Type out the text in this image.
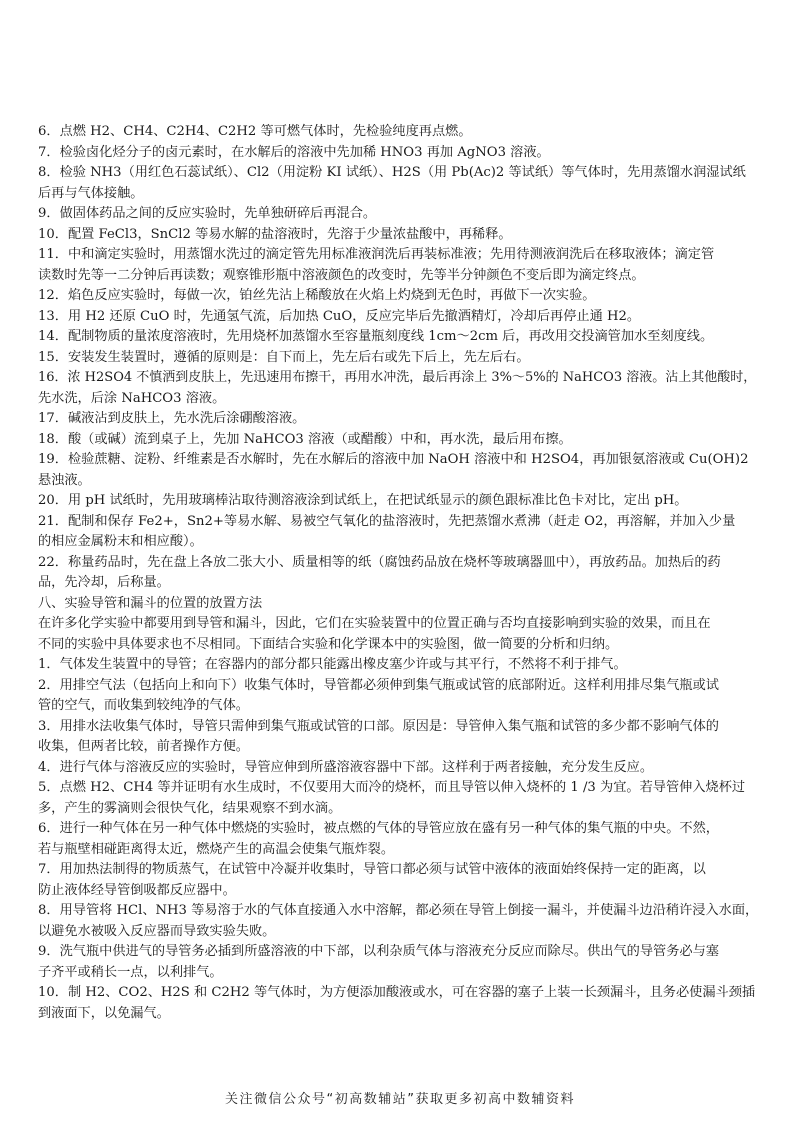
6．点燃 H2、CH4、C2H4、C2H2 等可燃气体时，先检验纯度再点燃。

7．检验卤化烃分子的卤元素时，在水解后的溶液中先加稀 HNO3 再加 AgNO3 溶液。

8．检验 NH3（用红色石蕊试纸）、Cl2（用淀粉 KI 试纸）、H2S（用 Pb(Ac)2 等试纸）等气体时，先用蒸馏水润湿试纸

后再与气体接触。

9．做固体药品之间的反应实验时，先单独研碎后再混合。

10．配置 FeCl3，SnCl2 等易水解的盐溶液时，先溶于少量浓盐酸中，再稀释。

11．中和滴定实验时，用蒸馏水洗过的滴定管先用标准液润洗后再装标准液；先用待测液润洗后在移取液体；滴定管

读数时先等一二分钟后再读数；观察锥形瓶中溶液颜色的改变时，先等半分钟颜色不变后即为滴定终点。

12．焰色反应实验时，每做一次，铂丝先沾上稀酸放在火焰上灼烧到无色时，再做下一次实验。

13．用 H2 还原 CuO 时，先通氢气流，后加热 CuO，反应完毕后先撤酒精灯，冷却后再停止通 H2。

14．配制物质的量浓度溶液时，先用烧杯加蒸馏水至容量瓶刻度线 1cm～2cm 后，再改用交投滴管加水至刻度线。

15．安装发生装置时，遵循的原则是：自下而上，先左后右或先下后上，先左后右。

16．浓 H2SO4 不慎洒到皮肤上，先迅速用布擦干，再用水冲洗，最后再涂上 3%～5%的 NaHCO3 溶液。沾上其他酸时，

先水洗，后涂 NaHCO3 溶液。

17．碱液沾到皮肤上，先水洗后涂硼酸溶液。

18．酸（或碱）流到桌子上，先加 NaHCO3 溶液（或醋酸）中和，再水洗，最后用布擦。

19．检验蔗糖、淀粉、纤维素是否水解时，先在水解后的溶液中加 NaOH 溶液中和 H2SO4，再加银氨溶液或 Cu(OH)2

悬浊液。

20．用 pH 试纸时，先用玻璃棒沾取待测溶液涂到试纸上，在把试纸显示的颜色跟标准比色卡对比，定出 pH。

21．配制和保存 Fe2+，Sn2+等易水解、易被空气氧化的盐溶液时，先把蒸馏水煮沸（赶走 O2，再溶解，并加入少量

的相应金属粉末和相应酸）。

22．称量药品时，先在盘上各放二张大小、质量相等的纸（腐蚀药品放在烧杯等玻璃器皿中），再放药品。加热后的药

品，先冷却，后称量。

八、实验导管和漏斗的位置的放置方法

在许多化学实验中都要用到导管和漏斗，因此，它们在实验装置中的位置正确与否均直接影响到实验的效果，而且在

不同的实验中具体要求也不尽相同。下面结合实验和化学课本中的实验图，做一简要的分析和归纳。

1．气体发生装置中的导管；在容器内的部分都只能露出橡皮塞少许或与其平行，不然将不利于排气。

2．用排空气法（包括向上和向下）收集气体时，导管都必须伸到集气瓶或试管的底部附近。这样利用排尽集气瓶或试

管的空气，而收集到较纯净的气体。

3．用排水法收集气体时，导管只需伸到集气瓶或试管的口部。原因是：导管伸入集气瓶和试管的多少都不影响气体的

收集，但两者比较，前者操作方便。

4．进行气体与溶液反应的实验时，导管应伸到所盛溶液容器中下部。这样利于两者接触，充分发生反应。

5．点燃 H2、CH4 等并证明有水生成时，不仅要用大而冷的烧杯，而且导管以伸入烧杯的 1 /3 为宜。若导管伸入烧杯过

多，产生的雾滴则会很快气化，结果观察不到水滴。

6．进行一种气体在另一种气体中燃烧的实验时，被点燃的气体的导管应放在盛有另一种气体的集气瓶的中央。不然，

若与瓶壁相碰距离得太近，燃烧产生的高温会使集气瓶炸裂。

7．用加热法制得的物质蒸气，在试管中冷凝并收集时，导管口都必须与试管中液体的液面始终保持一定的距离，以

防止液体经导管倒吸都反应器中。

8．用导管将 HCl、NH3 等易溶于水的气体直接通入水中溶解，都必须在导管上倒接一漏斗，并使漏斗边沿稍许浸入水面，

以避免水被吸入反应器而导致实验失败。

9．洗气瓶中供进气的导管务必插到所盛溶液的中下部，以利杂质气体与溶液充分反应而除尽。供出气的导管务必与塞

子齐平或稍长一点，以利排气。

10．制 H2、CO2、H2S 和 C2H2 等气体时，为方便添加酸液或水，可在容器的塞子上装一长颈漏斗，且务必使漏斗颈插

到液面下，以免漏气。

关注微信公众号“初高数辅站”获取更多初高中数辅资料
